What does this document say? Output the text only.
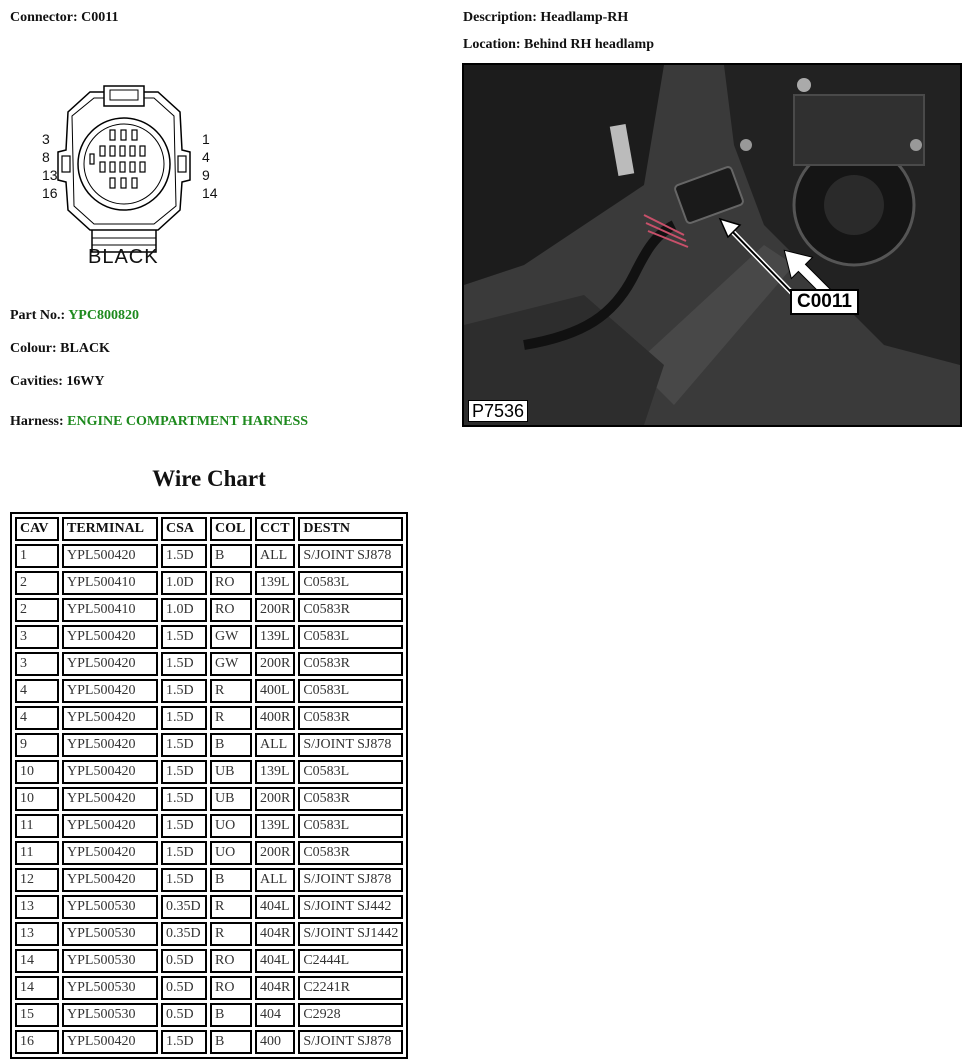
Connector: C0011	Description: Headlamp-RH
Location: Behind RH headlamp
3
8
13
16
1
4
9
14
BLACK
Part No.: YPC800820
Colour: BLACK
Cavities: 16WY
Harness: ENGINE COMPARTMENT HARNESS
C0011
P7536
Wire Chart
CAV	TERMINAL	CSA	COL	CCT	DESTN
1	YPL500420	1.5D	B	ALL	S/JOINT SJ878
2	YPL500410	1.0D	RO	139L	C0583L
2	YPL500410	1.0D	RO	200R	C0583R
3	YPL500420	1.5D	GW	139L	C0583L
3	YPL500420	1.5D	GW	200R	C0583R
4	YPL500420	1.5D	R	400L	C0583L
4	YPL500420	1.5D	R	400R	C0583R
9	YPL500420	1.5D	B	ALL	S/JOINT SJ878
10	YPL500420	1.5D	UB	139L	C0583L
10	YPL500420	1.5D	UB	200R	C0583R
11	YPL500420	1.5D	UO	139L	C0583L
11	YPL500420	1.5D	UO	200R	C0583R
12	YPL500420	1.5D	B	ALL	S/JOINT SJ878
13	YPL500530	0.35D	R	404L	S/JOINT SJ442
13	YPL500530	0.35D	R	404R	S/JOINT SJ1442
14	YPL500530	0.5D	RO	404L	C2444L
14	YPL500530	0.5D	RO	404R	C2241R
15	YPL500530	0.5D	B	404	C2928
16	YPL500420	1.5D	B	400	S/JOINT SJ878
